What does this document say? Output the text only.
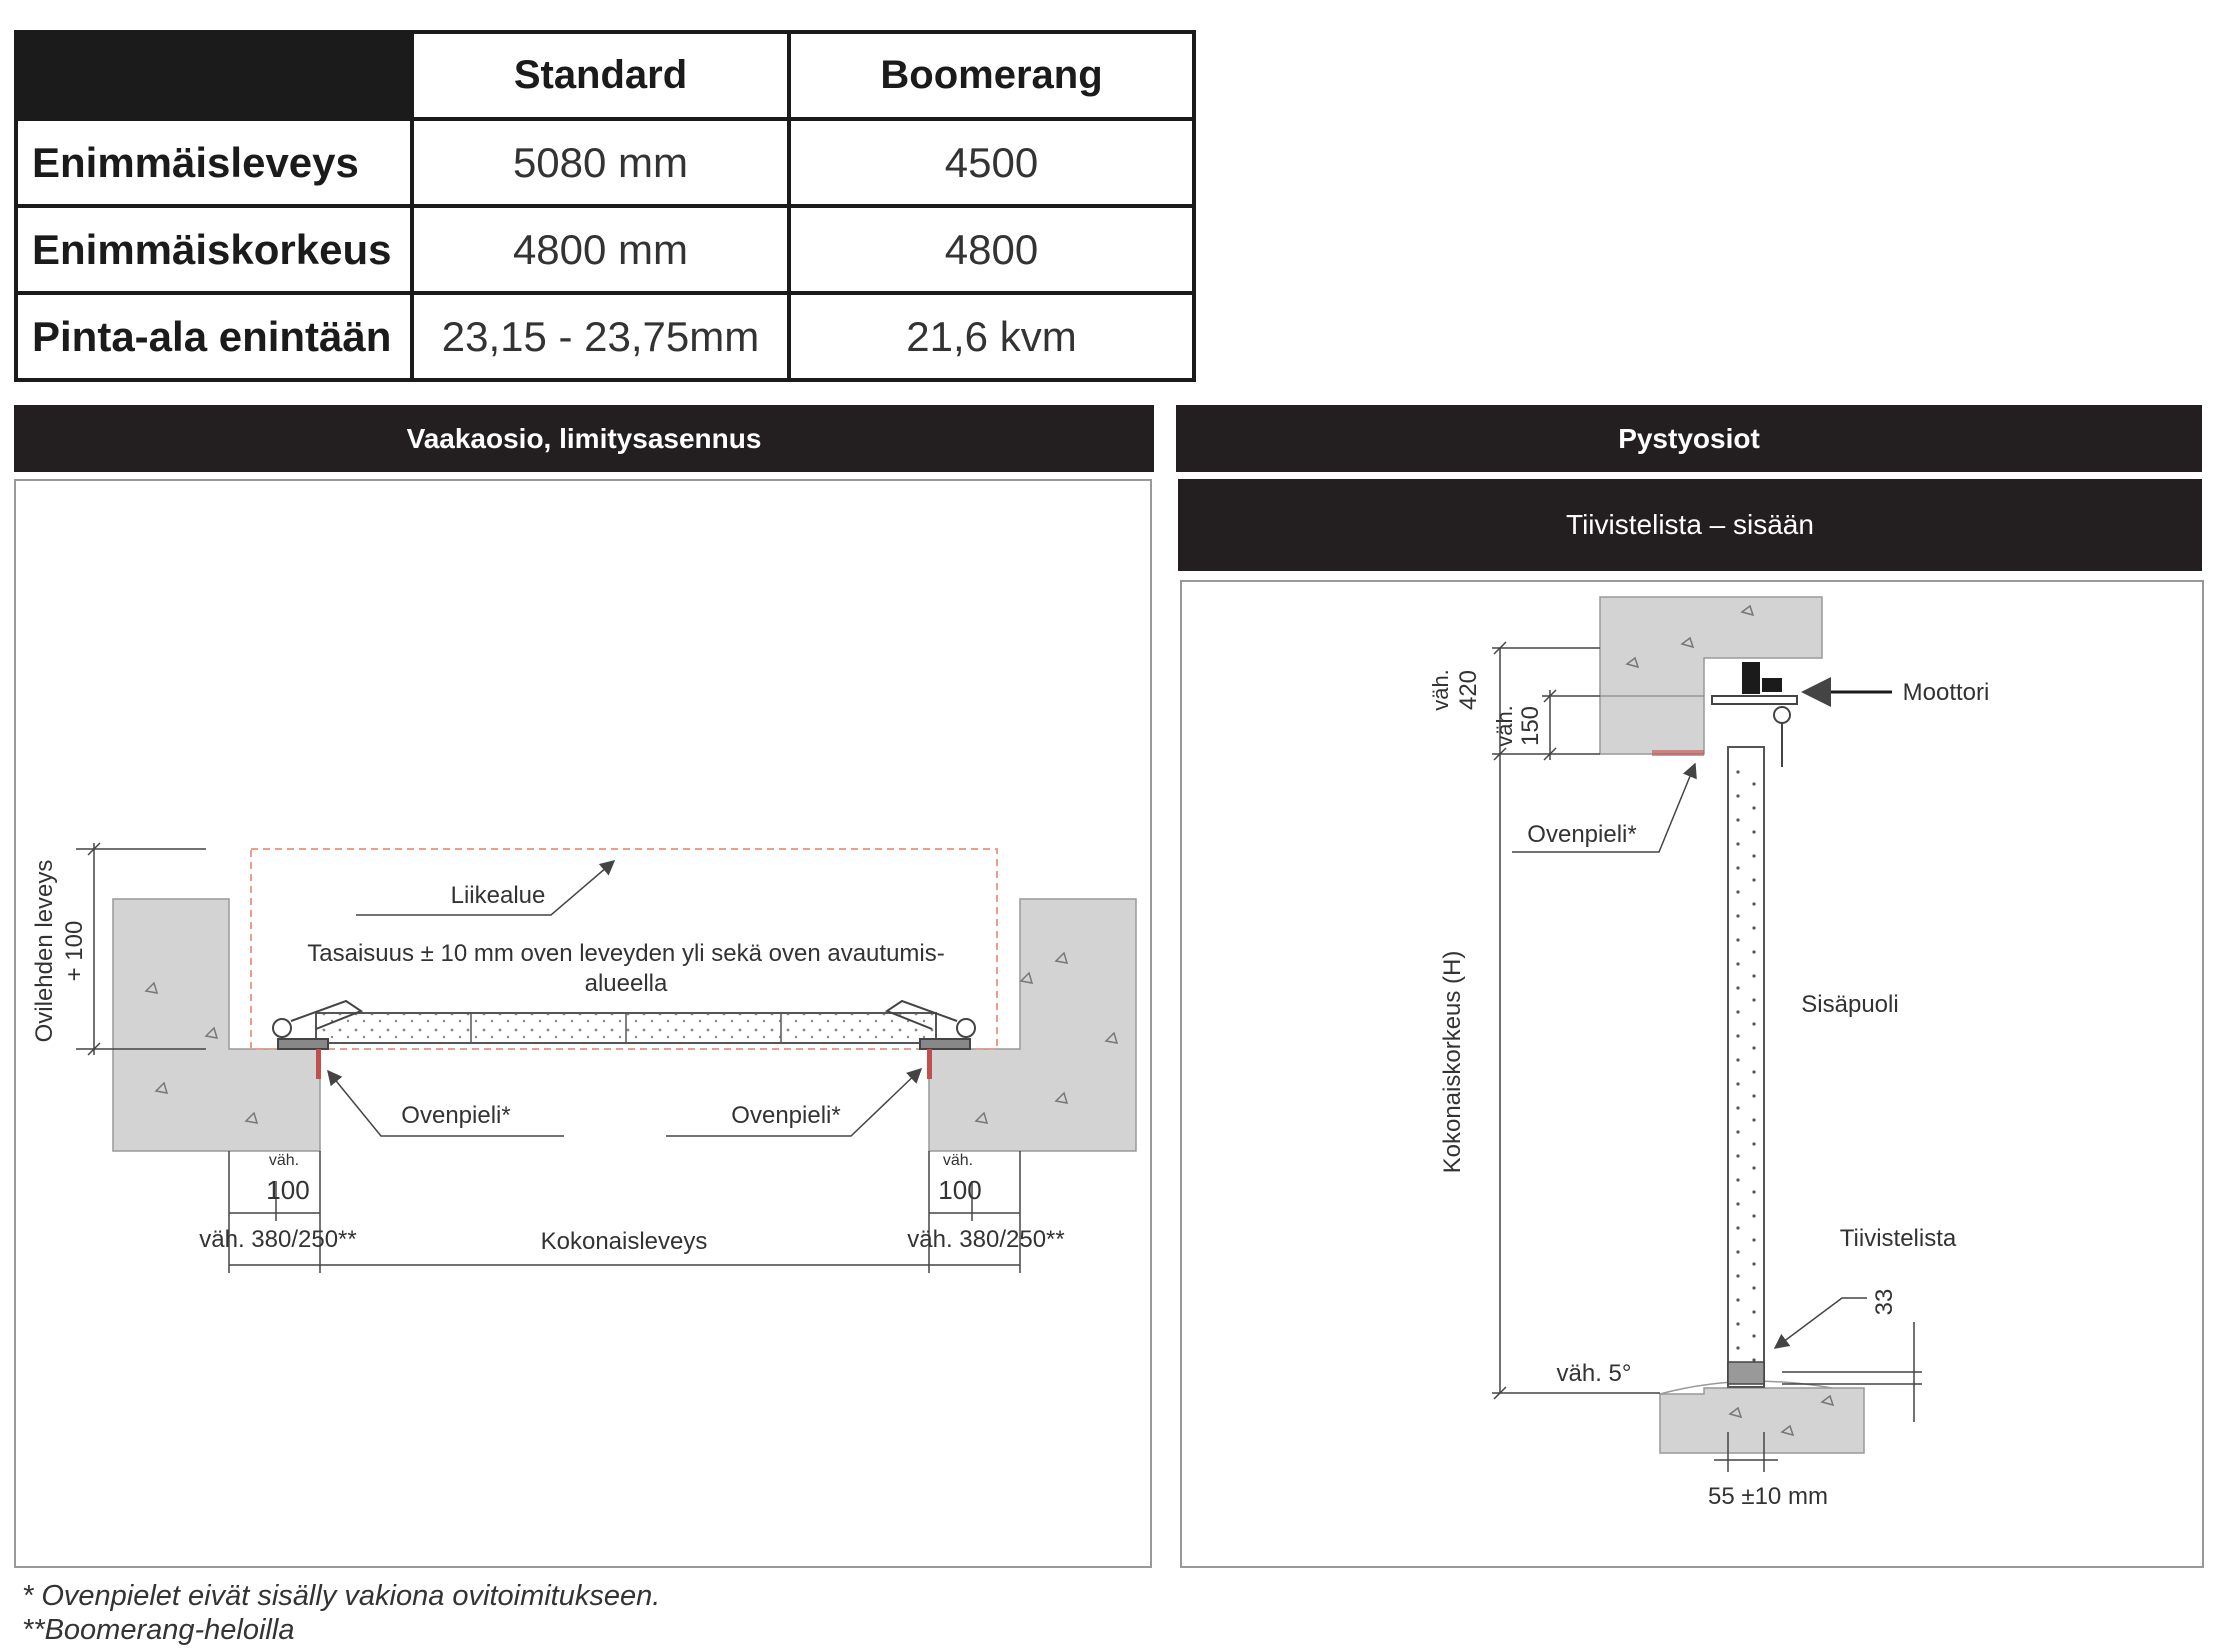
	Standard	Boomerang
Enimmäisleveys	5080 mm	4500
Enimmäiskorkeus	4800 mm	4800
Pinta-ala enintään	23,15 - 23,75mm	21,6 kvm
Vaakaosio, limitysasennus	Pystyosiot
Tiivistelista – sisään
Liikealue
Tasaisuus ± 10 mm oven leveyden yli sekä oven avautumis-
alueella
Ovilehden leveys + 100
Ovenpieli*	Ovenpieli*
väh.
100
väh.
100
väh. 380/250**	Kokonaisleveys	väh. 380/250**
väh. 420
väh. 150
Moottori
Ovenpieli*
Sisäpuoli
Kokonaiskorkeus (H)
Tiivistelista
33
väh. 5°
55 ±10 mm
* Ovenpielet eivät sisälly vakiona ovitoimitukseen.
**Boomerang-heloilla
